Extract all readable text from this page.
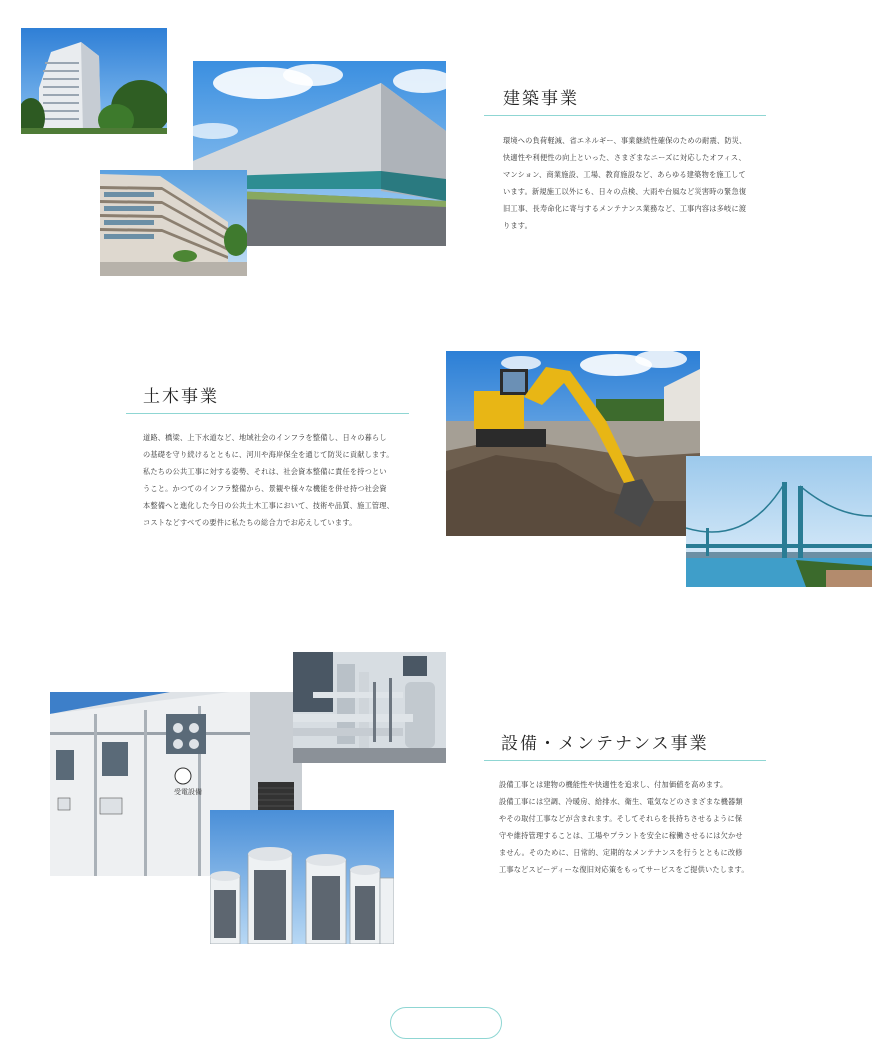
建築事業

環境への負荷軽減、省エネルギー、事業継続性確保のための耐震、防災、
快適性や利便性の向上といった、さまざまなニーズに対応したオフィス、
マンション、商業施設、工場、教育施設など、あらゆる建築物を施工して
います。新規施工以外にも、日々の点検、大雨や台風など災害時の緊急復
旧工事、長寿命化に寄与するメンテナンス業務など、工事内容は多岐に渡
ります。

土木事業

道路、橋梁、上下水道など、地域社会のインフラを整備し、日々の暮らし
の基礎を守り続けるとともに、河川や海岸保全を通じて防災に貢献します。
私たちの公共工事に対する姿勢、それは、社会資本整備に責任を持つとい
うこと。かつてのインフラ整備から、景観や様々な機能を併せ持つ社会資
本整備へと進化した今日の公共土木工事において、技術や品質、施工管理、
コストなどすべての要件に私たちの総合力でお応えしています。

受電設備
設備・メンテナンス事業

設備工事とは建物の機能性や快適性を追求し、付加価値を高めます。
設備工事には空調、冷暖房、給排水、衛生、電気などのさまざまな機器類
やその取付工事などが含まれます。そしてそれらを長持ちさせるように保
守や維持管理することは、工場やプラントを安全に稼働させるには欠かせ
ません。そのために、日常的、定期的なメンテナンスを行うとともに改修
工事などスピーディーな復旧対応策をもってサービスをご提供いたします。
